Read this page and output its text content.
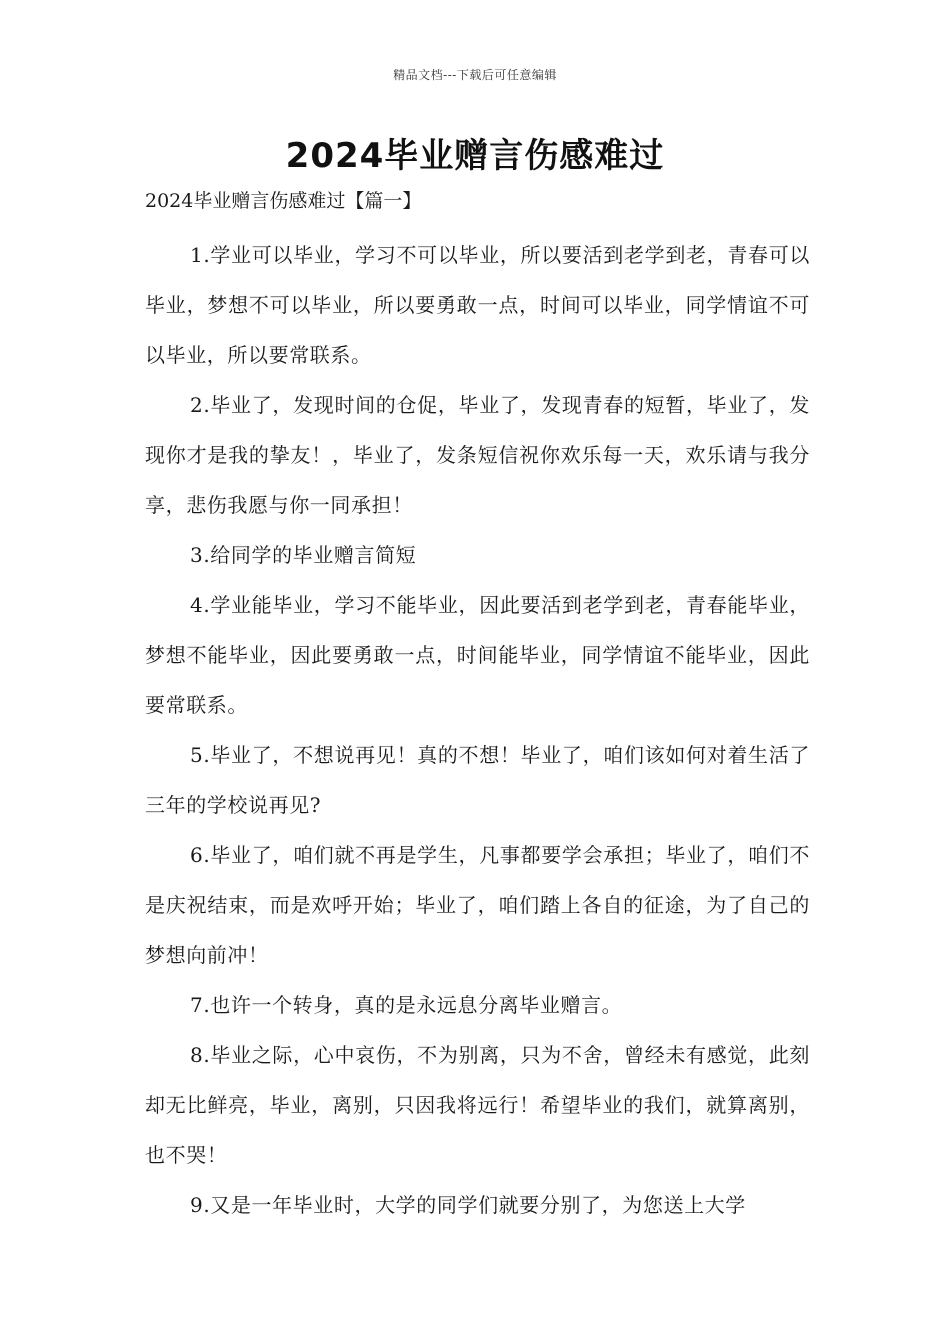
精品文档---下载后可任意编辑
2024毕业赠言伤感难过
2024毕业赠言伤感难过【篇一】

1.学业可以毕业，学习不可以毕业，所以要活到老学到老，青春可以毕业，梦想不可以毕业，所以要勇敢一点，时间可以毕业，同学情谊不可以毕业，所以要常联系。

2.毕业了，发现时间的仓促，毕业了，发现青春的短暂，毕业了，发现你才是我的挚友！，毕业了，发条短信祝你欢乐每一天，欢乐请与我分享，悲伤我愿与你一同承担！

3.给同学的毕业赠言简短

4.学业能毕业，学习不能毕业，因此要活到老学到老，青春能毕业，梦想不能毕业，因此要勇敢一点，时间能毕业，同学情谊不能毕业，因此要常联系。

5.毕业了，不想说再见！真的不想！毕业了，咱们该如何对着生活了三年的学校说再见?

6.毕业了，咱们就不再是学生，凡事都要学会承担；毕业了，咱们不是庆祝结束，而是欢呼开始；毕业了，咱们踏上各自的征途，为了自己的梦想向前冲！

7.也许一个转身，真的是永远息分离毕业赠言。

8.毕业之际，心中哀伤，不为别离，只为不舍，曾经未有感觉，此刻却无比鲜亮，毕业，离别，只因我将远行！希望毕业的我们，就算离别，也不哭！

9.又是一年毕业时，大学的同学们就要分别了，为您送上大学
